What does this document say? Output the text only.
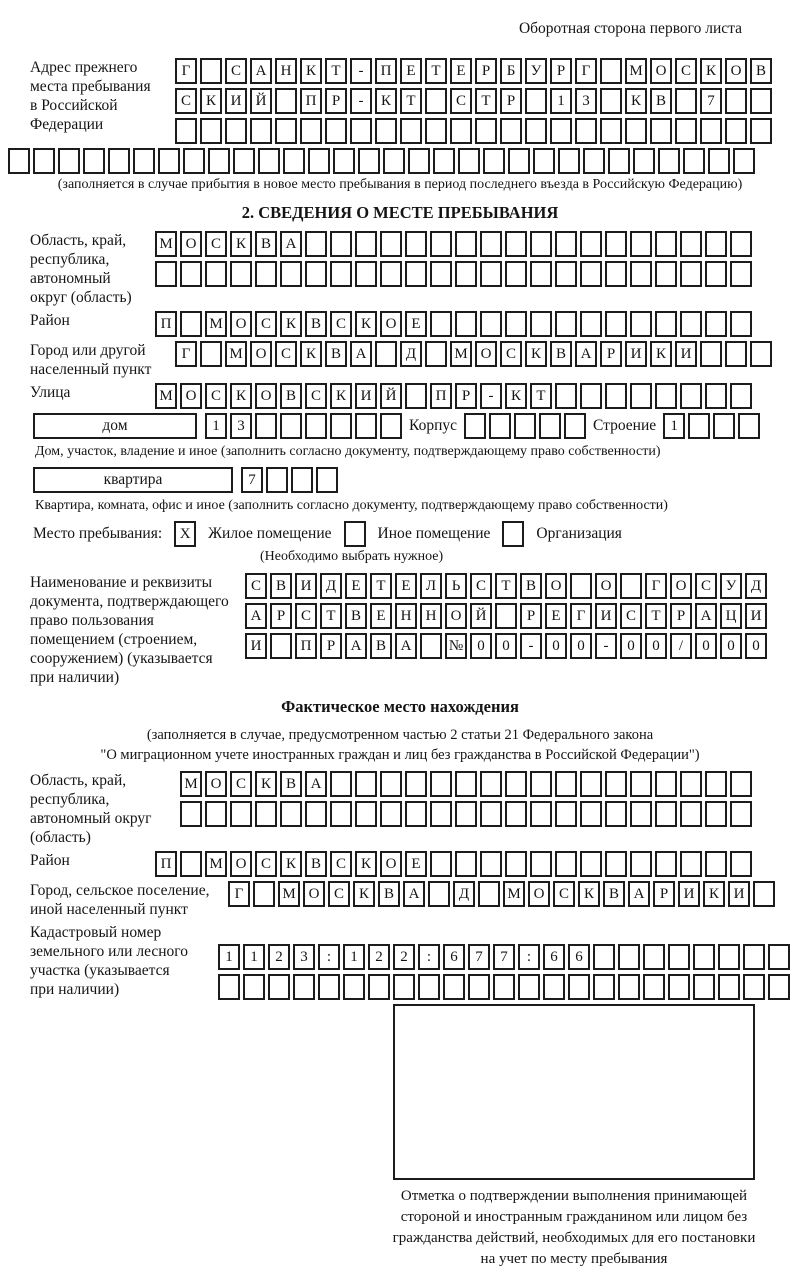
Оборотная сторона первого листа
Адрес прежнего
места пребывания
в Российской
Федерации
Г	С А Н К	Т	-	П Е	Т	Е	Р	Б	У	Р	Г	М О С К О В
С К И Й	П	Р	-	К	Т	С	Т	Р	1	3	К В	7
(заполняется в случае прибытия в новое место пребывания в период последнего въезда в Российскую Федерацию)
2. СВЕДЕНИЯ О МЕСТЕ ПРЕБЫВАНИЯ
Область, край,
республика,
автономный
округ (область)
М О С К В А
Район	П	М О С К В С К О Е
Город или другой
населенный пункт
Г	М О С К В А	Д	М О С К В А	Р	И К И
Улица	М О С К О В С К И Й	П	Р	-	К	Т
дом	1	3	Корпус	Строение 1
Дом, участок, владение и иное (заполнить согласно документу, подтверждающему право собственности)
квартира	7
Квартира, комната, офис и иное (заполнить согласно документу, подтверждающему право собственности)
Место пребывания:	X	Жилое помещение	Иное помещение	Организация
(Необходимо выбрать нужное)
Наименование и реквизиты
документа, подтверждающего
право пользования
помещением (строением,
сооружением) (указывается
при наличии)
С В И Д	Е	Т	Е	Л	Ь	С	Т	В О	О	Г	О С У Д
А	Р	С	Т	В	Е	Н Н О Й	Р	Е	Г	И С	Т	Р	А Ц И
И	П	Р	А В А	№ 0	0	-	0	0	-	0	0	/	0	0	0
Фактическое место нахождения
(заполняется в случае, предусмотренном частью 2 статьи 21 Федерального закона
"О миграционном учете иностранных граждан и лиц без гражданства в Российской Федерации")
Область, край,
республика,
автономный округ
(область)
М О С К В А
Район	П	М О С К В С К О Е
Город, сельское поселение,
иной населенный пункт
Г	М О С К В А	Д	М О С К В А	Р	И К И
Кадастровый номер
земельного или лесного
участка (указывается
при наличии)
1	1	2	3	:	1	2	2	:	6	7	7	:	6	6
Отметка о подтверждении выполнения принимающей
стороной и иностранным гражданином или лицом без
гражданства действий, необходимых для его постановки
на учет по месту пребывания
